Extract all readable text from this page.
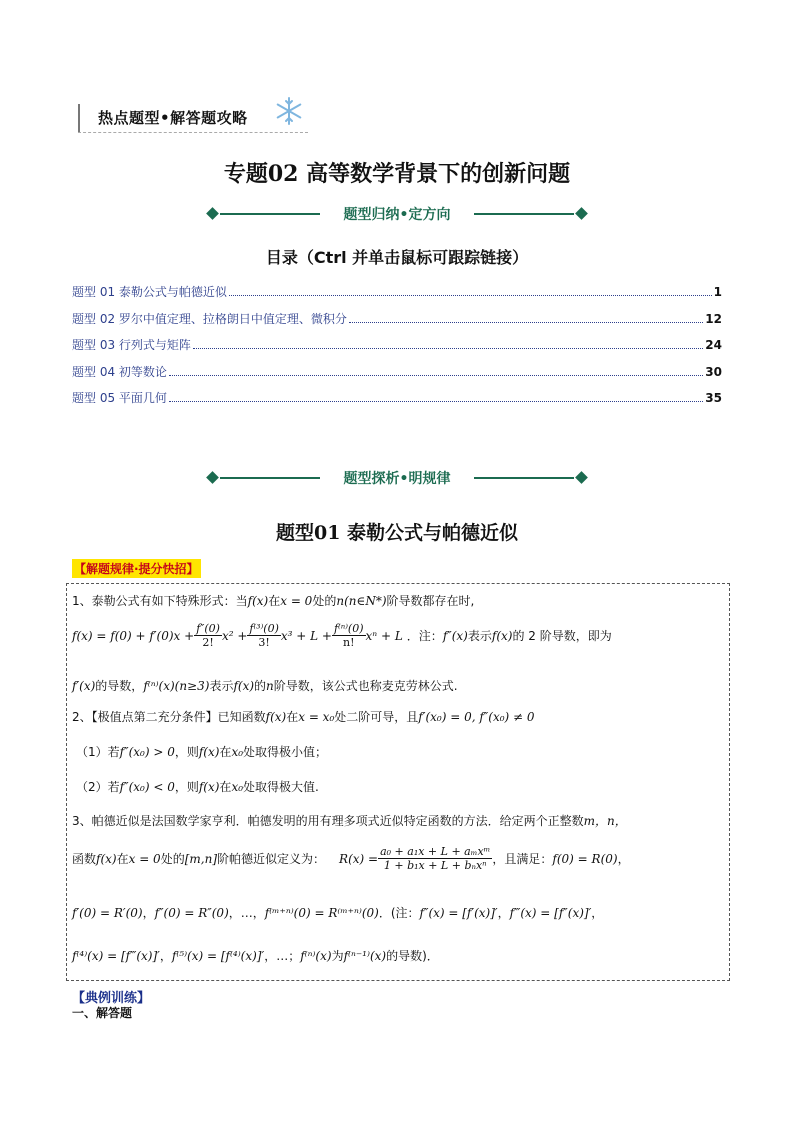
热点题型•解答题攻略
专题02 高等数学背景下的创新问题
题型归纳•定方向
目录（Ctrl 并单击鼠标可跟踪链接）
题型 01 泰勒公式与帕德近似	1
题型 02 罗尔中值定理、拉格朗日中值定理、微积分	12
题型 03 行列式与矩阵	24
题型 04 初等数论	30
题型 05 平面几何	35
题型探析•明规律
题型01 泰勒公式与帕德近似
【解题规律·提分快招】
1、泰勒公式有如下特殊形式：当f(x)在x = 0处的n(n∈N*)阶导数都存在时,
$f(x) = f(0) + f'(0)x + \frac{f''(0)}{2!} x^2 + \frac{\text{f⁽³⁾(0)}}{3!} x^3 + L + \frac{\text{f⁽ⁿ⁾(0)}}{n!}$ xⁿ + L ．注： f″(x) 表示 f(x) 的 2 阶导数，即为
f′(x)的导数，f⁽ⁿ⁾(x)(n≥3)表示f(x)的n阶导数，该公式也称麦克劳林公式.
2、【极值点第二充分条件】已知函数f(x)在x = x₀处二阶可导，且f′(x₀) = 0, f″(x₀) ≠ 0
（1）若f″(x₀) > 0，则f(x)在x₀处取得极小值；
（2）若f″(x₀) < 0，则f(x)在x₀处取得极大值.
3、帕德近似是法国数学家亨利．帕德发明的用有理多项式近似特定函数的方法．给定两个正整数m，n，
函数 f(x) 在 x = 0 处的 [m,n] 阶帕德近似定义为： $R(x) = \frac{\text{a₀ + a₁x + L + aₘxᵐ}}{\text{1 + b₁x + L + bₙxⁿ}}$ ，且满足： f(0) = R(0) ，
f′(0) = R′(0)，f″(0) = R″(0)，…，f⁽ᵐ⁺ⁿ⁾(0) = R⁽ᵐ⁺ⁿ⁾(0)．(注：f″(x) = [f′(x)]′，f‴(x) = [f″(x)]′，
f⁽⁴⁾(x) = [f‴(x)]′，f⁽⁵⁾(x) = [f⁽⁴⁾(x)]′，…；f⁽ⁿ⁾(x)为f⁽ⁿ⁻¹⁾(x)的导数)．
【典例训练】
一、解答题
